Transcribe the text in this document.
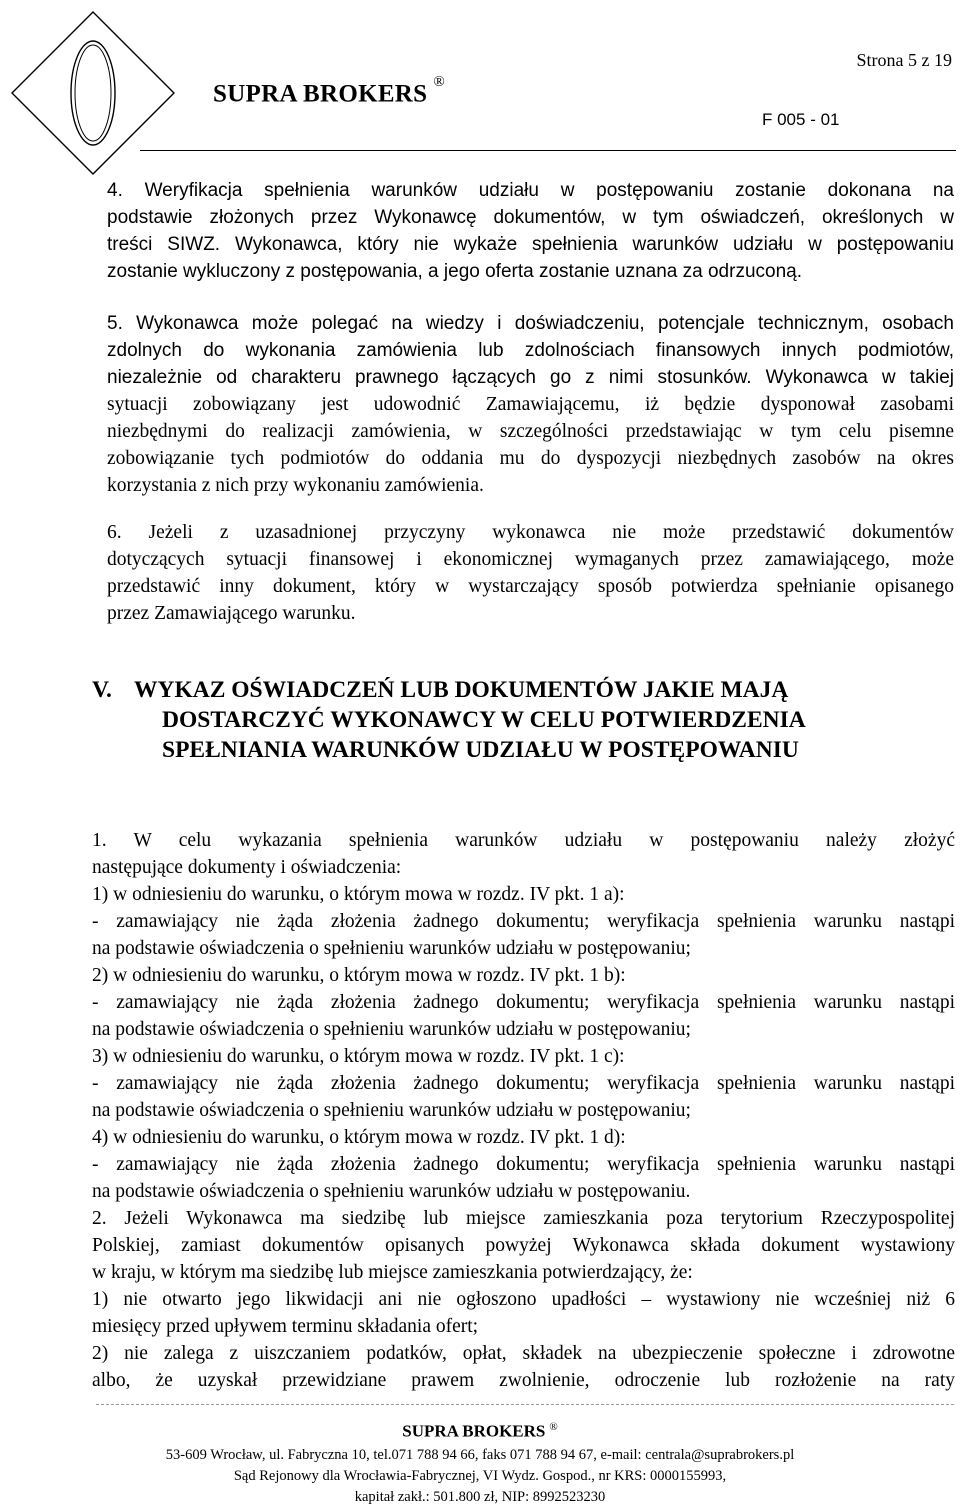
Strona 5 z 19
SUPRA BROKERS ®
F 005 - 01
4. Weryfikacja spełnienia warunków udziału w postępowaniu zostanie dokonana na
podstawie złożonych przez Wykonawcę dokumentów, w tym oświadczeń, określonych w
treści SIWZ. Wykonawca, który nie wykaże spełnienia warunków udziału w postępowaniu
zostanie wykluczony z postępowania, a jego oferta zostanie uznana za odrzuconą.
5. Wykonawca może polegać na wiedzy i doświadczeniu, potencjale technicznym, osobach
zdolnych do wykonania zamówienia lub zdolnościach finansowych innych podmiotów,
niezależnie od charakteru prawnego łączących go z nimi stosunków. Wykonawca w takiej
sytuacji zobowiązany jest udowodnić Zamawiającemu, iż będzie dysponował zasobami
niezbędnymi do realizacji zamówienia, w szczególności przedstawiając w tym celu pisemne
zobowiązanie tych podmiotów do oddania mu do dyspozycji niezbędnych zasobów na okres
korzystania z nich przy wykonaniu zamówienia.
6. Jeżeli z uzasadnionej przyczyny wykonawca nie może przedstawić dokumentów
dotyczących sytuacji finansowej i ekonomicznej wymaganych przez zamawiającego, może
przedstawić inny dokument, który w wystarczający sposób potwierdza spełnianie opisanego
przez Zamawiającego warunku.
V. WYKAZ OŚWIADCZEŃ LUB DOKUMENTÓW JAKIE MAJĄ
DOSTARCZYĆ WYKONAWCY W CELU POTWIERDZENIA
SPEŁNIANIA WARUNKÓW UDZIAŁU W POSTĘPOWANIU
1. W celu wykazania spełnienia warunków udziału w postępowaniu należy złożyć
następujące dokumenty i oświadczenia:
1) w odniesieniu do warunku, o którym mowa w rozdz. IV pkt. 1 a):
- zamawiający nie żąda złożenia żadnego dokumentu; weryfikacja spełnienia warunku nastąpi
na podstawie oświadczenia o spełnieniu warunków udziału w postępowaniu;
2) w odniesieniu do warunku, o którym mowa w rozdz. IV pkt. 1 b):
- zamawiający nie żąda złożenia żadnego dokumentu; weryfikacja spełnienia warunku nastąpi
na podstawie oświadczenia o spełnieniu warunków udziału w postępowaniu;
3) w odniesieniu do warunku, o którym mowa w rozdz. IV pkt. 1 c):
- zamawiający nie żąda złożenia żadnego dokumentu; weryfikacja spełnienia warunku nastąpi
na podstawie oświadczenia o spełnieniu warunków udziału w postępowaniu;
4) w odniesieniu do warunku, o którym mowa w rozdz. IV pkt. 1 d):
- zamawiający nie żąda złożenia żadnego dokumentu; weryfikacja spełnienia warunku nastąpi
na podstawie oświadczenia o spełnieniu warunków udziału w postępowaniu.
2. Jeżeli Wykonawca ma siedzibę lub miejsce zamieszkania poza terytorium Rzeczypospolitej
Polskiej, zamiast dokumentów opisanych powyżej Wykonawca składa dokument wystawiony
w kraju, w którym ma siedzibę lub miejsce zamieszkania potwierdzający, że:
1) nie otwarto jego likwidacji ani nie ogłoszono upadłości – wystawiony nie wcześniej niż 6
miesięcy przed upływem terminu składania ofert;
2) nie zalega z uiszczaniem podatków, opłat, składek na ubezpieczenie społeczne i zdrowotne
albo, że uzyskał przewidziane prawem zwolnienie, odroczenie lub rozłożenie na raty
SUPRA BROKERS ®
53-609 Wrocław, ul. Fabryczna 10, tel.071 788 94 66, faks 071 788 94 67, e-mail: centrala@suprabrokers.pl
Sąd Rejonowy dla Wrocławia-Fabrycznej, VI Wydz. Gospod., nr KRS: 0000155993,
kapitał zakł.: 501.800 zł, NIP: 8992523230
